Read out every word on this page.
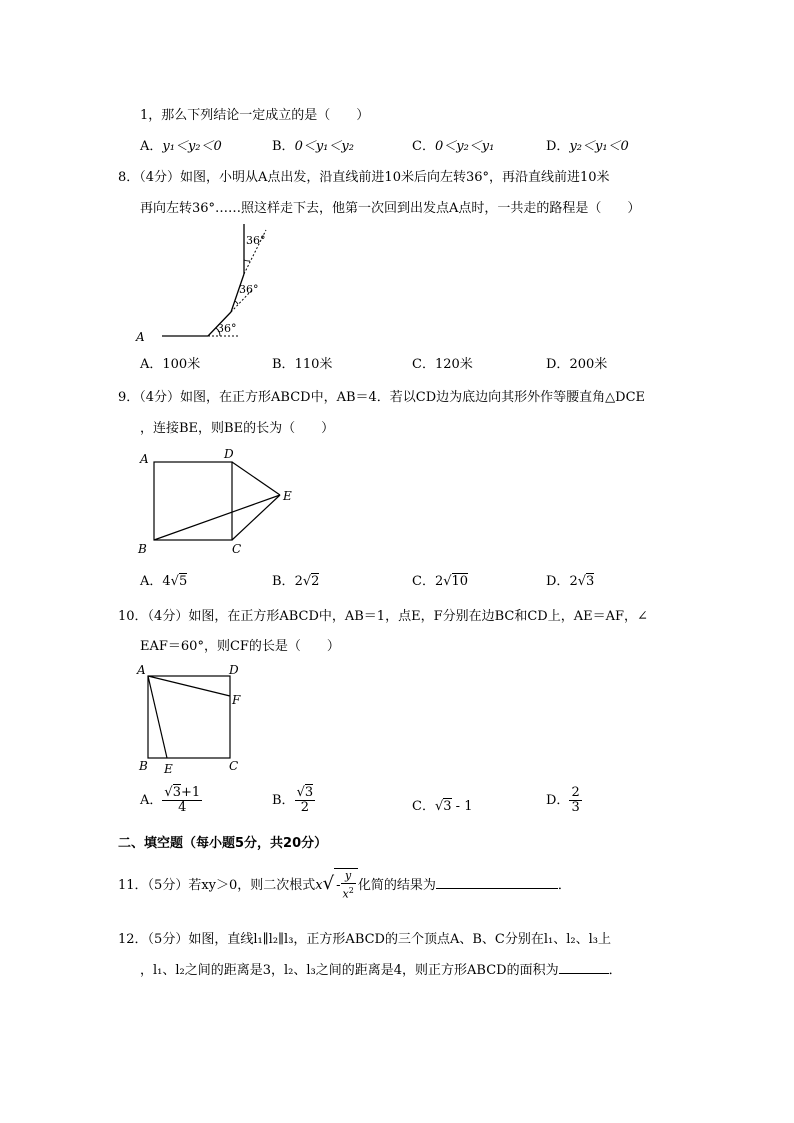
1，那么下列结论一定成立的是（　　）
A．y₁＜y₂＜0	B．0＜y₁＜y₂	C．0＜y₂＜y₁	D．y₂＜y₁＜0
8．（4分）如图，小明从A点出发，沿直线前进10米后向左转36°，再沿直线前进10米
再向左转36°……照这样走下去，他第一次回到出发点A点时，一共走的路程是（　　）
A
36°
36°
36°
A．100米	B．110米	C．120米	D．200米
9．（4分）如图，在正方形ABCD中，AB＝4．若以CD边为底边向其形外作等腰直角△DCE
，连接BE，则BE的长为（　　）
A	D
E
B	C
A．4√5	B．2√2	C．2√10	D．2√3
10．（4分）如图，在正方形ABCD中，AB＝1，点E，F分别在边BC和CD上，AE＝AF，∠
EAF＝60°，则CF的长是（　　）
A	D
F
B E	C
A． $\frac{√3+1}{4}$	B． $\frac{√3}{2}$	C．√3 - 1	D． $\frac{2}{3}$
二、填空题（每小题5分，共20分）
11．（5分）若xy＞0，则二次根式$x√ - \frac{y}{x^2}$ 化简的结果为	．
12．（5分）如图，直线l₁∥l₂∥l₃，正方形ABCD的三个顶点A、B、C分别在l₁、l₂、l₃上
，l₁、l₂之间的距离是3，l₂、l₃之间的距离是4，则正方形ABCD的面积为	．
